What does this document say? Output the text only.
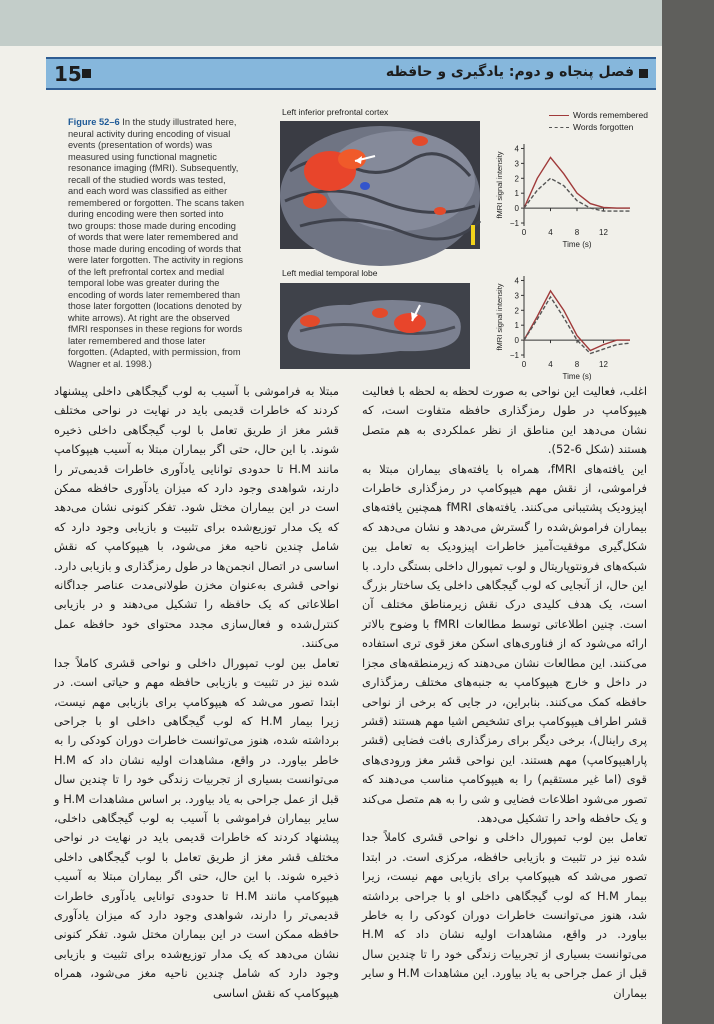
15	فصل پنجاه و دوم: یادگیری و حافظه
Figure 52–6 In the study illustrated here,
neural activity during encoding of visual
events (presentation of words) was
measured using functional magnetic
resonance imaging (fMRI). Subsequently,
recall of the studied words was tested,
and each word was classified as either
remembered or forgotten. The scans taken
during encoding were then sorted into
two groups: those made during encoding
of words that were later remembered and
those made during encoding of words that
were later forgotten. The activity in regions
of the left prefrontal cortex and medial
temporal lobe was greater during the
encoding of words later remembered than
those later forgotten (locations denoted by
white arrows). At right are the observed
fMRI responses in these regions for words
later remembered and those later
forgotten. (Adapted, with permission, from
Wagner et al. 1998.)

Left inferior prefrontal cortex
Left medial temporal lobe
Words remembered
Words forgotten
−1
0
1
2
3
4
0	4	8 12
Time (s)
fMRI signal intensity
−1
0
1
2
3
4
0	4	8 12
Time (s)
fMRI signal intensity

اغلب، فعالیت این نواحی به صورت لحظه به لحظه با فعالیت هیپوکامپ در طول رمزگذاری حافظه متفاوت است، که نشان می‌دهد این مناطق از نظر عملکردی به هم متصل هستند (شکل 6-52).

این یافته‌های fMRI، همراه با یافته‌های بیماران مبتلا به فراموشی، از نقش مهم هیپوکامپ در رمزگذاری خاطرات اپیزودیک پشتیبانی می‌کنند. یافته‌های fMRI همچنین یافته‌های بیماران فراموش‌شده را گسترش می‌دهد و نشان می‌دهد که شکل‌گیری موفقیت‌آمیز خاطرات اپیزودیک به تعامل بین شبکه‌های فرونتوپاریتال و لوب تمپورال داخلی بستگی دارد. با این حال، از آنجایی که لوب گیجگاهی داخلی یک ساختار بزرگ است، یک هدف کلیدی درک نقش زیرمناطق مختلف آن است. چنین اطلاعاتی توسط مطالعات fMRI با وضوح بالاتر ارائه می‌شود که از فناوری‌های اسکن مغز قوی تری استفاده می‌کنند. این مطالعات نشان می‌دهند که زیرمنطقه‌های مجزا در داخل و خارج هیپوکامپ به جنبه‌های مختلف رمزگذاری حافظه کمک می‌کنند. بنابراین، در جایی که برخی از نواحی قشر اطراف هیپوکامپ برای تشخیص اشیا مهم هستند (قشر پری راینال)، برخی دیگر برای رمزگذاری بافت فضایی (قشر پاراهیپوکامپ) مهم هستند. این نواحی قشر مغز ورودی‌های قوی (اما غیر مستقیم) را به هیپوکامپ مناسب می‌دهند که تصور می‌شود اطلاعات فضایی و شی را به هم متصل می‌کند و یک حافظه واحد را تشکیل می‌دهد.

تعامل بین لوب تمپورال داخلی و نواحی قشری کاملاً جدا شده نیز در تثبیت و بازیابی حافظه، مرکزی است. در ابتدا تصور می‌شد که هیپوکامپ برای بازیابی مهم نیست، زیرا بیمار H.M که لوب گیجگاهی داخلی او با جراحی برداشته شد، هنوز می‌توانست خاطرات دوران کودکی را به خاطر بیاورد. در واقع، مشاهدات اولیه نشان داد که H.M می‌توانست بسیاری از تجربیات زندگی خود را تا چندین سال قبل از عمل جراحی به یاد بیاورد. این مشاهدات H.M و سایر بیماران

مبتلا به فراموشی با آسیب به لوب گیجگاهی داخلی پیشنهاد کردند که خاطرات قدیمی باید در نهایت در نواحی مختلف قشر مغز از طریق تعامل با لوب گیجگاهی داخلی ذخیره شوند. با این حال، حتی اگر بیماران مبتلا به آسیب هیپوکامپ مانند H.M تا حدودی توانایی یادآوری خاطرات قدیمی‌تر را دارند، شواهدی وجود دارد که میزان یادآوری حافظه ممکن است در این بیماران مختل شود. تفکر کنونی نشان می‌دهد که یک مدار توزیع‌شده برای تثبیت و بازیابی وجود دارد که شامل چندین ناحیه مغز می‌شود، با هیپوکامپ که نقش اساسی در اتصال انجمن‌ها در طول رمزگذاری و بازیابی دارد. نواحی قشری به‌عنوان مخزن طولانی‌مدت عناصر جداگانه اطلاعاتی که یک حافظه را تشکیل می‌دهند و در بازیابی کنترل‌شده و فعال‌سازی مجدد محتوای خود حافظه عمل می‌کنند.

تعامل بین لوب تمپورال داخلی و نواحی قشری کاملاً جدا شده نیز در تثبیت و بازیابی حافظه مهم و حیاتی است. در ابتدا تصور می‌شد که هیپوکامپ برای بازیابی مهم نیست، زیرا بیمار H.M که لوب گیجگاهی داخلی او با جراحی برداشته شده، هنوز می‌توانست خاطرات دوران کودکی را به خاطر بیاورد. در واقع، مشاهدات اولیه نشان داد که H.M می‌توانست بسیاری از تجربیات زندگی خود را تا چندین سال قبل از عمل جراحی به یاد بیاورد. بر اساس مشاهدات H.M و سایر بیماران فراموشی با آسیب به لوب گیجگاهی داخلی، پیشنهاد کردند که خاطرات قدیمی باید در نهایت در نواحی مختلف قشر مغز از طریق تعامل با لوب گیجگاهی داخلی ذخیره شوند. با این حال، حتی اگر بیماران مبتلا به آسیب هیپوکامپ مانند H.M تا حدودی توانایی یادآوری خاطرات قدیمی‌تر را دارند، شواهدی وجود دارد که میزان یادآوری حافظه ممکن است در این بیماران مختل شود. تفکر کنونی نشان می‌دهد که یک مدار توزیع‌شده برای تثبیت و بازیابی وجود دارد که شامل چندین ناحیه مغز می‌شود، همراه هیپوکامپ که نقش اساسی
